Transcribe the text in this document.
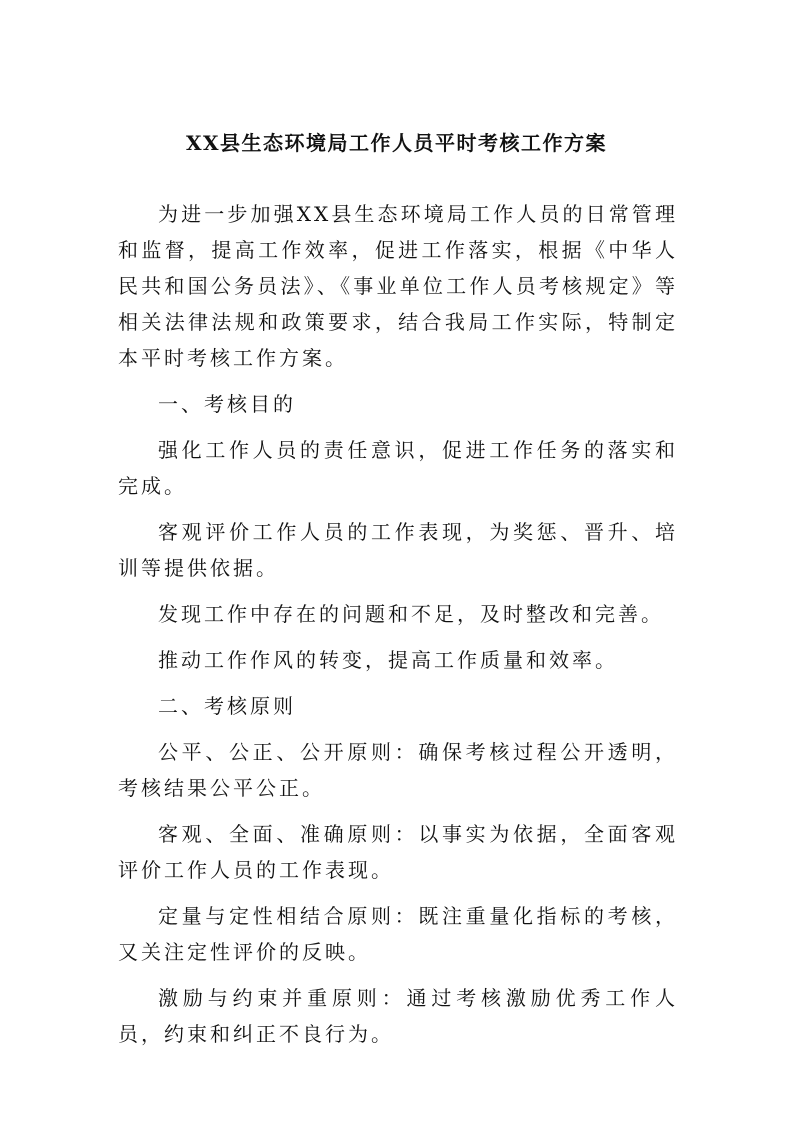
XX县生态环境局工作人员平时考核工作方案

为进一步加强XX县生态环境局工作人员的日常管理和监督，提高工作效率，促进工作落实，根据《中华人民共和国公务员法》、《事业单位工作人员考核规定》等相关法律法规和政策要求，结合我局工作实际，特制定本平时考核工作方案。

一、考核目的

强化工作人员的责任意识，促进工作任务的落实和完成。

客观评价工作人员的工作表现，为奖惩、晋升、培训等提供依据。

发现工作中存在的问题和不足，及时整改和完善。

推动工作作风的转变，提高工作质量和效率。

二、考核原则

公平、公正、公开原则：确保考核过程公开透明，考核结果公平公正。

客观、全面、准确原则：以事实为依据，全面客观评价工作人员的工作表现。

定量与定性相结合原则：既注重量化指标的考核，又关注定性评价的反映。

激励与约束并重原则：通过考核激励优秀工作人员，约束和纠正不良行为。
